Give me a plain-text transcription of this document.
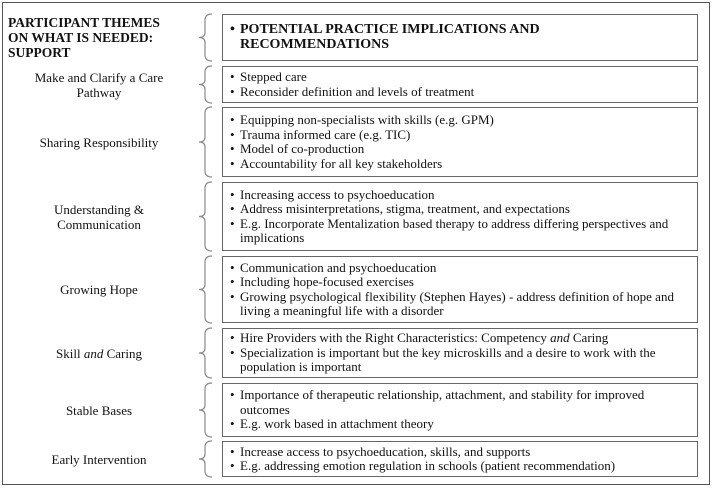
PARTICIPANT THEMES
ON WHAT IS NEEDED:
SUPPORT
• POTENTIAL PRACTICE IMPLICATIONS AND RECOMMENDATIONS
Make and Clarify a Care
Pathway
• Stepped care
• Reconsider definition and levels of treatment
Sharing Responsibility
• Equipping non-specialists with skills (e.g. GPM)
• Trauma informed care (e.g. TIC)
• Model of co-production
• Accountability for all key stakeholders
Understanding &
Communication
• Increasing access to psychoeducation
• Address misinterpretations, stigma, treatment, and expectations
• E.g. Incorporate Mentalization based therapy to address differing perspectives and implications
Growing Hope
• Communication and psychoeducation
• Including hope-focused exercises
• Growing psychological flexibility (Stephen Hayes) - address definition of hope and living a meaningful life with a disorder
Skill and Caring
• Hire Providers with the Right Characteristics: Competency and Caring
• Specialization is important but the key microskills and a desire to work with the population is important
Stable Bases
• Importance of therapeutic relationship, attachment, and stability for improved outcomes
• E.g. work based in attachment theory
Early Intervention
• Increase access to psychoeducation, skills, and supports
• E.g. addressing emotion regulation in schools (patient recommendation)
